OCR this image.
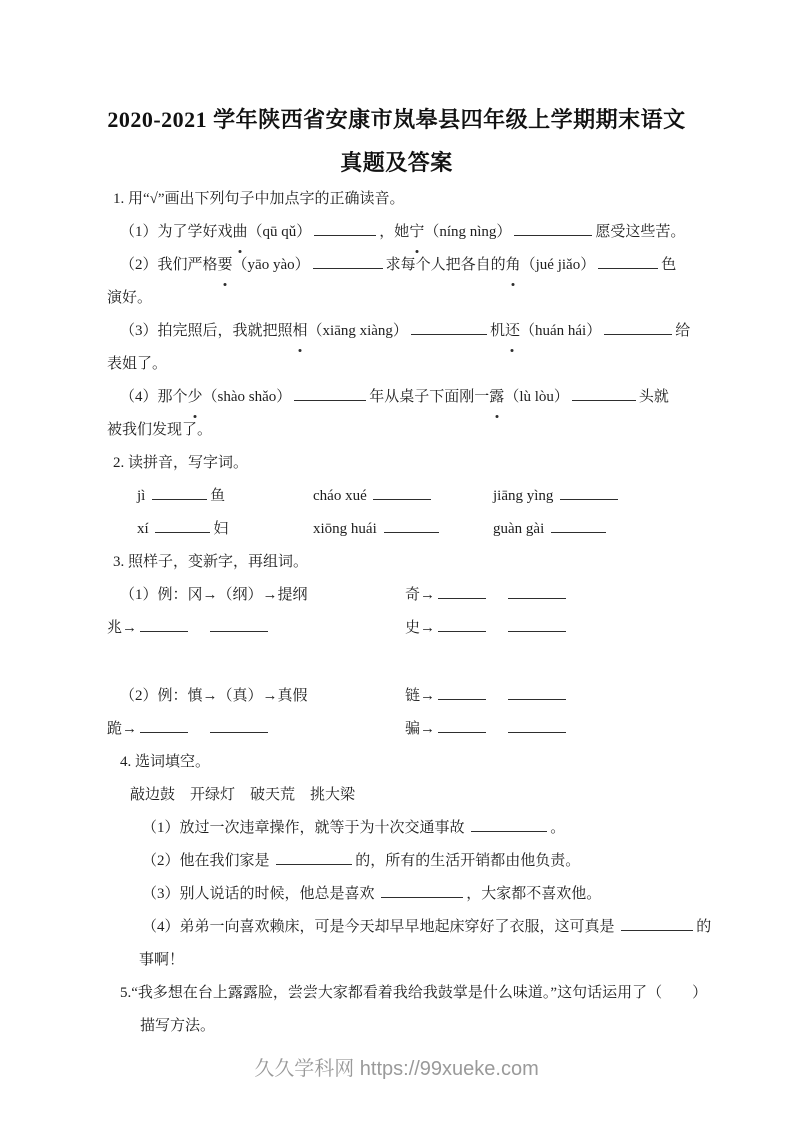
2020-2021 学年陕西省安康市岚皋县四年级上学期期末语文
真题及答案
1. 用“√”画出下列句子中加点字的正确读音。
（1）为了学好戏曲（qū qǔ）	，她宁（níng nìng）	愿受这些苦。
（2）我们严格要（yāo yào）	求每个人把各自的角（jué jiǎo）	色
演好。
（3）拍完照后，我就把照相（xiāng xiàng）	机还（huán hái）	给
表姐了。
（4）那个少（shào shǎo）	年从桌子下面刚一露（lù lòu）	头就
被我们发现了。
2. 读拼音，写字词。
jì	鱼	cháo xué	jiāng yìng
xí	妇	xiōng huái	guàn gài
3. 照样子，变新字，再组词。
（1）例：冈→（纲）→提纲	奇→
兆→	史→
（2）例：慎→（真）→真假	链→
跪→	骗→
4. 选词填空。
敲边鼓　开绿灯　破天荒　挑大梁
（1）放过一次违章操作，就等于为十次交通事故	。
（2）他在我们家是	的，所有的生活开销都由他负责。
（3）别人说话的时候，他总是喜欢	，大家都不喜欢他。
（4）弟弟一向喜欢赖床，可是今天却早早地起床穿好了衣服，这可真是	的
事啊！
5.“我多想在台上露露脸，尝尝大家都看着我给我鼓掌是什么味道。”这句话运用了（　　）
描写方法。
久久学科网 https://99xueke.com
